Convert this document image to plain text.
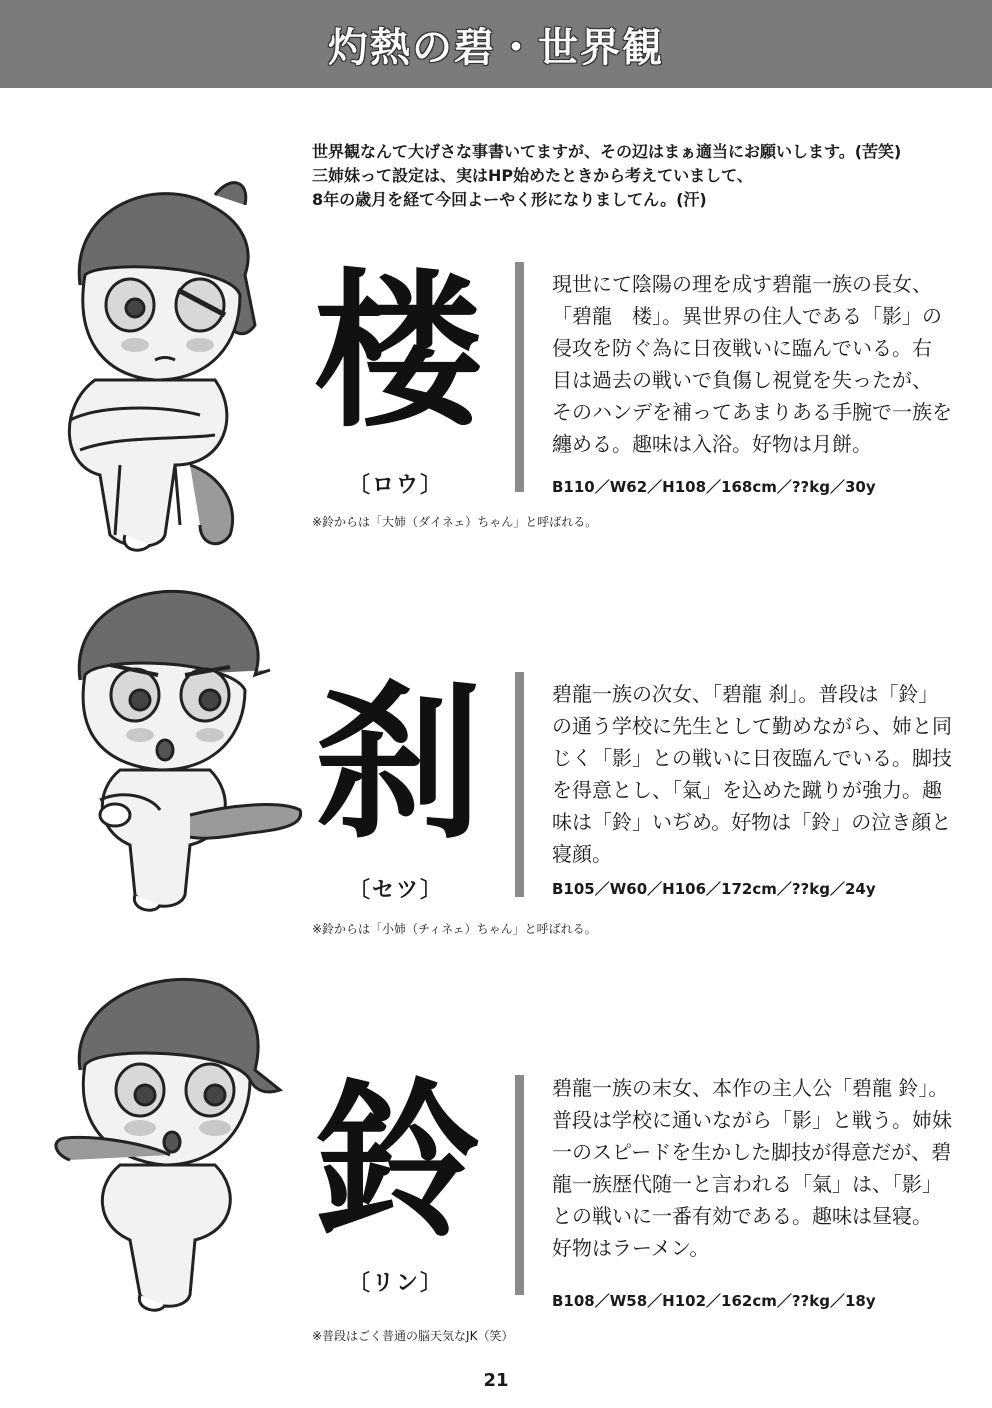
灼熱の碧・世界観

世界観なんて大げさな事書いてますが、その辺はまぁ適当にお願いします。(苦笑)

三姉妹って設定は、実はHP始めたときから考えていまして、

8年の歳月を経て今回よーやく形になりましてん。(汗)

楼
〔ロウ〕

現世にて陰陽の理を成す碧龍一族の長女、

「碧龍　楼」。異世界の住人である「影」の

侵攻を防ぐ為に日夜戦いに臨んでいる。右

目は過去の戦いで負傷し視覚を失ったが、

そのハンデを補ってあまりある手腕で一族を

纏める。趣味は入浴。好物は月餅。

B110／W62／H108／168cm／??kg／30y
※鈴からは「大姉（ダイネェ）ちゃん」と呼ばれる。
刹
〔セツ〕

碧龍一族の次女、「碧龍 刹」。普段は「鈴」

の通う学校に先生として勤めながら、姉と同

じく「影」との戦いに日夜臨んでいる。脚技

を得意とし、「氣」を込めた蹴りが強力。趣

味は「鈴」いぢめ。好物は「鈴」の泣き顔と

寝顔。

B105／W60／H106／172cm／??kg／24y
※鈴からは「小姉（チィネェ）ちゃん」と呼ばれる。
鈴
〔リン〕

碧龍一族の末女、本作の主人公「碧龍 鈴」。

普段は学校に通いながら「影」と戦う。姉妹

一のスピードを生かした脚技が得意だが、碧

龍一族歴代随一と言われる「氣」は、「影」

との戦いに一番有効である。趣味は昼寝。

好物はラーメン。

B108／W58／H102／162cm／??kg／18y
※普段はごく普通の脳天気なJK（笑）
21
